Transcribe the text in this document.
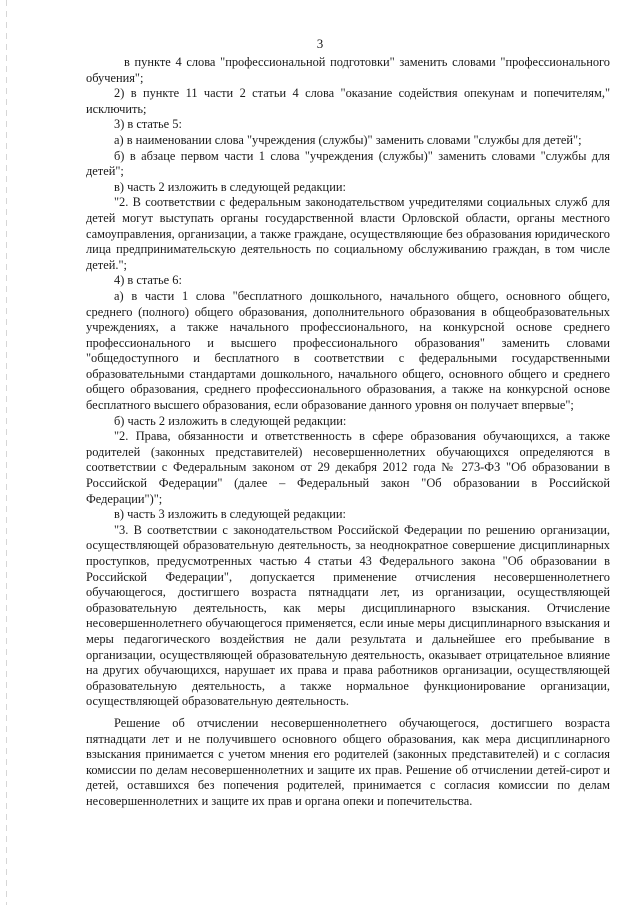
3

в пункте 4 слова "профессиональной подготовки" заменить словами "профессионального обучения";

2) в пункте 11 части 2 статьи 4 слова "оказание содействия опекунам и попечителям," исключить;

3) в статье 5:

а) в наименовании слова "учреждения (службы)" заменить словами "службы для детей";

б) в абзаце первом части 1 слова "учреждения (службы)" заменить словами "службы для детей";

в) часть 2 изложить в следующей редакции:

"2. В соответствии с федеральным законодательством учредителями социальных служб для детей могут выступать органы государственной власти Орловской области, органы местного самоуправления, организации, а также граждане, осуществляющие без образования юридического лица предпринимательскую деятельность по социальному обслуживанию граждан, в том числе детей.";

4) в статье 6:

а) в части 1 слова "бесплатного дошкольного, начального общего, основного общего, среднего (полного) общего образования, дополнительного образования в общеобразовательных учреждениях, а также начального профессионального, на конкурсной основе среднего профессионального и высшего профессионального образования" заменить словами "общедоступного и бесплатного в соответствии с федеральными государственными образовательными стандартами дошкольного, начального общего, основного общего и среднего общего образования, среднего профессионального образования, а также на конкурсной основе бесплатного высшего образования, если образование данного уровня он получает впервые";

б) часть 2 изложить в следующей редакции:

"2. Права, обязанности и ответственность в сфере образования обучающихся, а также родителей (законных представителей) несовершеннолетних обучающихся определяются в соответствии с Федеральным законом от 29 декабря 2012 года № 273-ФЗ "Об образовании в Российской Федерации" (далее – Федеральный закон "Об образовании в Российской Федерации")";

в) часть 3 изложить в следующей редакции:

"3. В соответствии с законодательством Российской Федерации по решению организации, осуществляющей образовательную деятельность, за неоднократное совершение дисциплинарных проступков, предусмотренных частью 4 статьи 43 Федерального закона "Об образовании в Российской Федерации", допускается применение отчисления несовершеннолетнего обучающегося, достигшего возраста пятнадцати лет, из организации, осуществляющей образовательную деятельность, как меры дисциплинарного взыскания. Отчисление несовершеннолетнего обучающегося применяется, если иные меры дисциплинарного взыскания и меры педагогического воздействия не дали результата и дальнейшее его пребывание в организации, осуществляющей образовательную деятельность, оказывает отрицательное влияние на других обучающихся, нарушает их права и права работников организации, осуществляющей образовательную деятельность, а также нормальное функционирование организации, осуществляющей образовательную деятельность.

Решение об отчислении несовершеннолетнего обучающегося, достигшего возраста пятнадцати лет и не получившего основного общего образования, как мера дисциплинарного взыскания принимается с учетом мнения его родителей (законных представителей) и с согласия комиссии по делам несовершеннолетних и защите их прав. Решение об отчислении детей-сирот и детей, оставшихся без попечения родителей, принимается с согласия комиссии по делам несовершеннолетних и защите их прав и органа опеки и попечительства.
